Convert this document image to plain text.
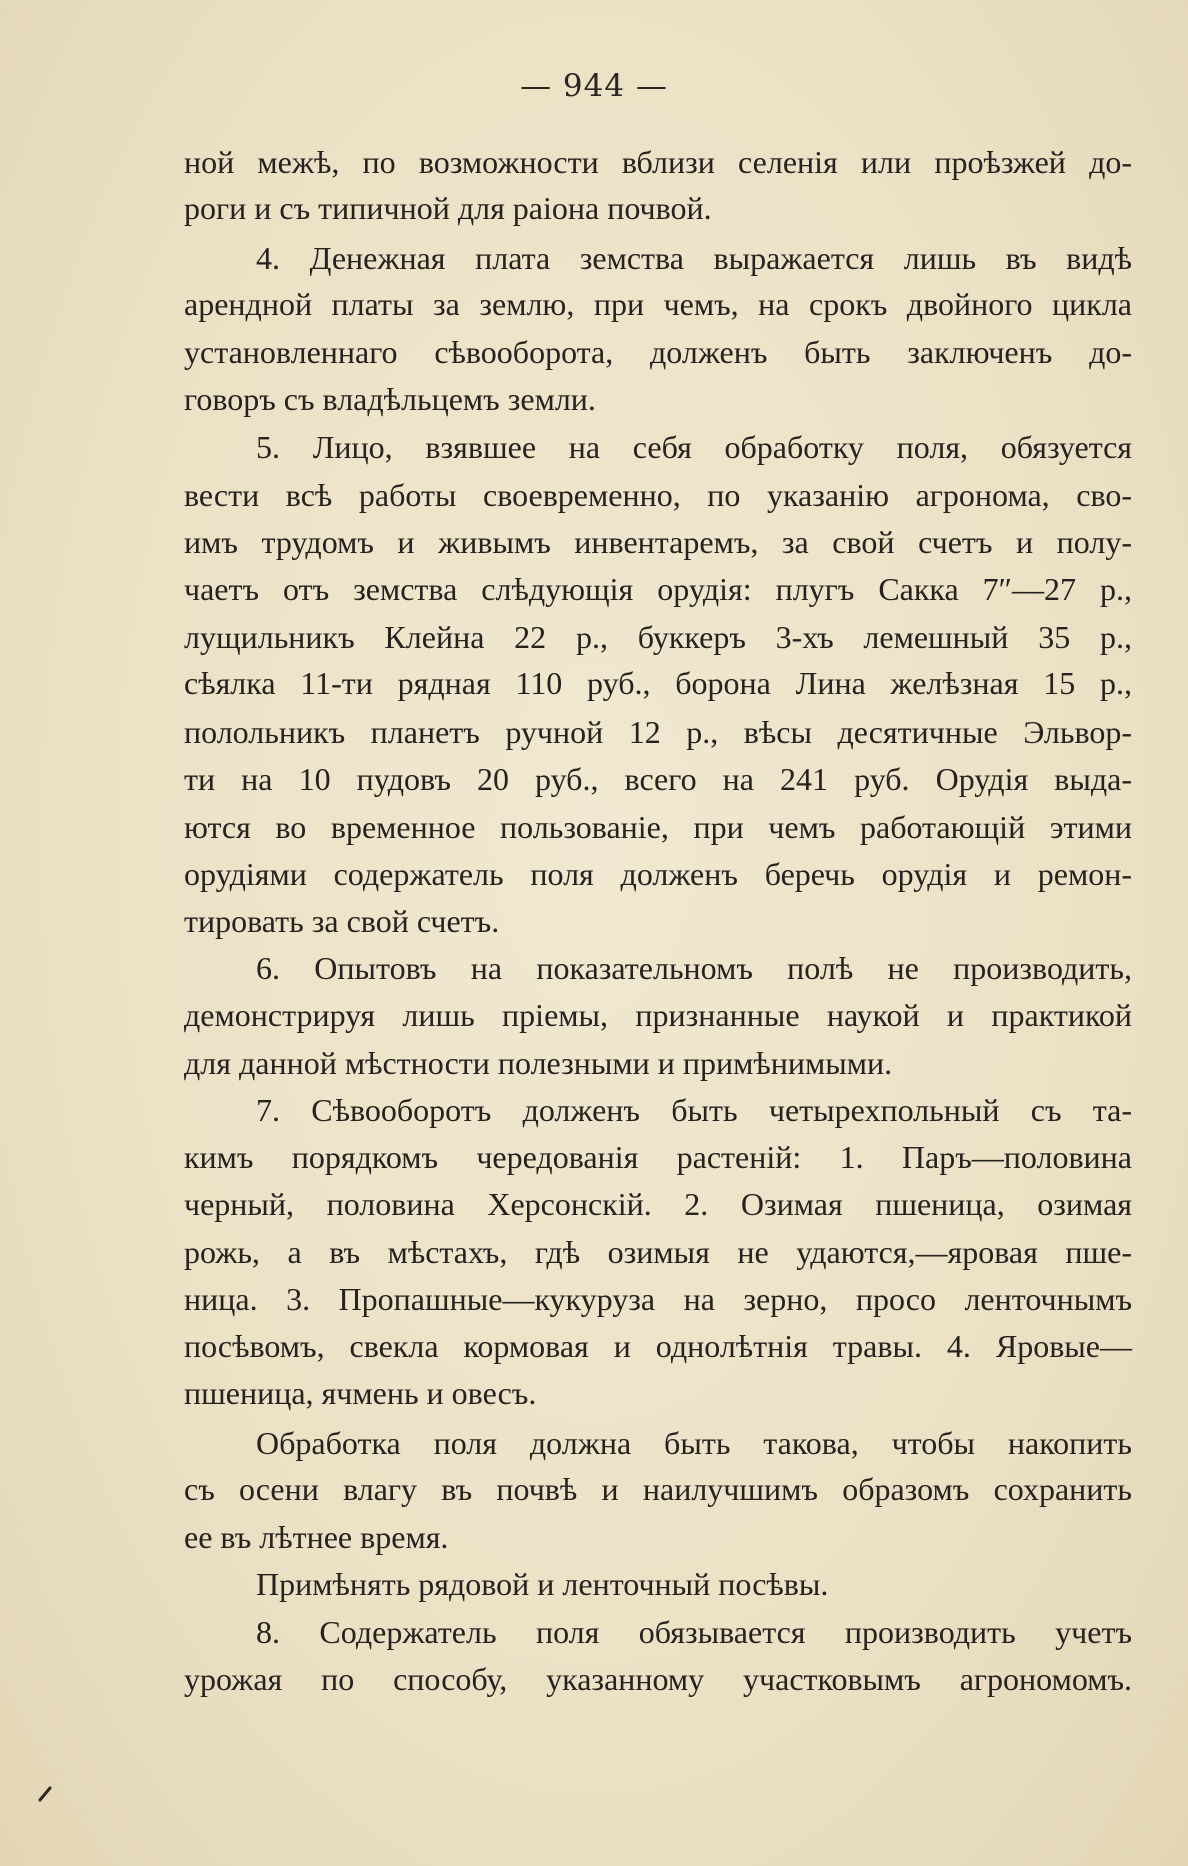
— 944 —
ной межѣ, по возможности вблизи селенія или проѣзжей до-
роги и съ типичной для раіона почвой.
4. Денежная плата земства выражается лишь въ видѣ
арендной платы за землю, при чемъ, на срокъ двойного цикла
установленнаго сѣвооборота, долженъ быть заключенъ до-
говоръ съ владѣльцемъ земли.
5. Лицо, взявшее на себя обработку поля, обязуется
вести всѣ работы своевременно, по указанію агронома, сво-
имъ трудомъ и живымъ инвентаремъ, за свой счетъ и полу-
чаетъ отъ земства слѣдующія орудія: плугъ Сакка 7″—27 р.,
лущильникъ Клейна 22 р., буккеръ 3-хъ лемешный 35 р.,
сѣялка 11-ти рядная 110 руб., борона Лина желѣзная 15 р.,
полольникъ планетъ ручной 12 р., вѣсы десятичные Эльвор-
ти на 10 пудовъ 20 руб., всего на 241 руб. Орудія выда-
ются во временное пользованіе, при чемъ работающій этими
орудіями содержатель поля долженъ беречь орудія и ремон-
тировать за свой счетъ.
6. Опытовъ на показательномъ полѣ не производить,
демонстрируя лишь пріемы, признанные наукой и практикой
для данной мѣстности полезными и примѣнимыми.
7. Сѣвооборотъ долженъ быть четырехпольный съ та-
кимъ порядкомъ чередованія растеній: 1. Паръ—половина
черный, половина Херсонскій. 2. Озимая пшеница, озимая
рожь, а въ мѣстахъ, гдѣ озимыя не удаются,—яровая пше-
ница. 3. Пропашные—кукуруза на зерно, просо ленточнымъ
посѣвомъ, свекла кормовая и однолѣтнія травы. 4. Яровые—
пшеница, ячмень и овесъ.
Обработка поля должна быть такова, чтобы накопить
съ осени влагу въ почвѣ и наилучшимъ образомъ сохранить
ее въ лѣтнее время.
Примѣнять рядовой и ленточный посѣвы.
8. Содержатель поля обязывается производить учетъ
урожая по способу, указанному участковымъ агрономомъ.
